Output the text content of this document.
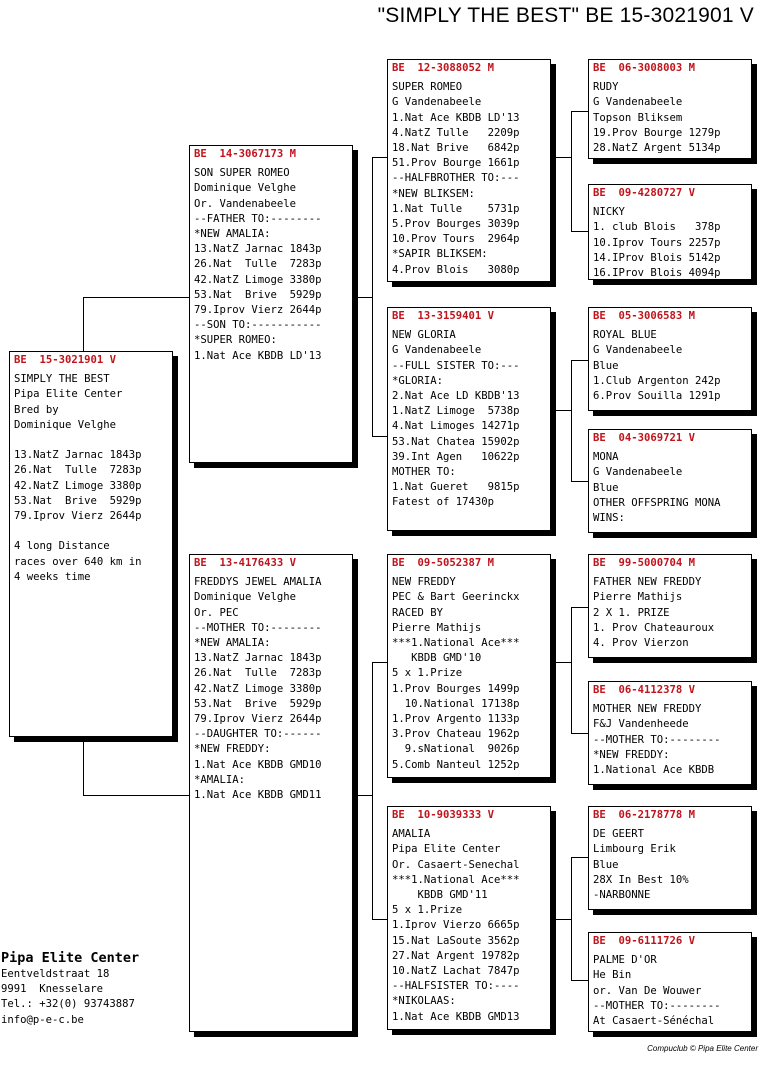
"SIMPLY THE BEST" BE 15-3021901 V
BE  15-3021901 V
SIMPLY THE BEST
Pipa Elite Center
Bred by
Dominique Velghe

13.NatZ Jarnac 1843p
26.Nat  Tulle  7283p
42.NatZ Limoge 3380p
53.Nat  Brive  5929p
79.Iprov Vierz 2644p

4 long Distance
races over 640 km in
4 weeks time
BE  14-3067173 M
SON SUPER ROMEO
Dominique Velghe
Or. Vandenabeele
--FATHER TO:--------
*NEW AMALIA:
13.NatZ Jarnac 1843p
26.Nat  Tulle  7283p
42.NatZ Limoge 3380p
53.Nat  Brive  5929p
79.Iprov Vierz 2644p
--SON TO:-----------
*SUPER ROMEO:
1.Nat Ace KBDB LD'13
BE  13-4176433 V
FREDDYS JEWEL AMALIA
Dominique Velghe
Or. PEC
--MOTHER TO:--------
*NEW AMALIA:
13.NatZ Jarnac 1843p
26.Nat  Tulle  7283p
42.NatZ Limoge 3380p
53.Nat  Brive  5929p
79.Iprov Vierz 2644p
--DAUGHTER TO:------
*NEW FREDDY:
1.Nat Ace KBDB GMD10
*AMALIA:
1.Nat Ace KBDB GMD11
BE  12-3088052 M
SUPER ROMEO
G Vandenabeele
1.Nat Ace KBDB LD'13
4.NatZ Tulle   2209p
18.Nat Brive   6842p
51.Prov Bourge 1661p
--HALFBROTHER TO:---
*NEW BLIKSEM:
1.Nat Tulle    5731p
5.Prov Bourges 3039p
10.Prov Tours  2964p
*SAPIR BLIKSEM:
4.Prov Blois   3080p
BE  13-3159401 V
NEW GLORIA
G Vandenabeele
--FULL SISTER TO:---
*GLORIA:
2.Nat Ace LD KBDB'13
1.NatZ Limoge  5738p
4.Nat Limoges 14271p
53.Nat Chatea 15902p
39.Int Agen   10622p
MOTHER TO:
1.Nat Gueret   9815p
Fatest of 17430p
BE  09-5052387 M
NEW FREDDY
PEC & Bart Geerinckx
RACED BY
Pierre Mathijs
***1.National Ace***
KBDB GMD'10
5 x 1.Prize
1.Prov Bourges 1499p
10.National 17138p
1.Prov Argento 1133p
3.Prov Chateau 1962p
9.sNational  9026p
5.Comb Nanteul 1252p
BE  10-9039333 V
AMALIA
Pipa Elite Center
Or. Casaert-Senechal
***1.National Ace***
KBDB GMD'11
5 x 1.Prize
1.Iprov Vierzo 6665p
15.Nat LaSoute 3562p
27.Nat Argent 19782p
10.NatZ Lachat 7847p
--HALFSISTER TO:----
*NIKOLAAS:
1.Nat Ace KBDB GMD13
BE  06-3008003 M
RUDY
G Vandenabeele
Topson Bliksem
19.Prov Bourge 1279p
28.NatZ Argent 5134p
BE  09-4280727 V
NICKY
1. club Blois   378p
10.Iprov Tours 2257p
14.IProv Blois 5142p
16.IProv Blois 4094p
BE  05-3006583 M
ROYAL BLUE
G Vandenabeele
Blue
1.Club Argenton 242p
6.Prov Souilla 1291p
BE  04-3069721 V
MONA
G Vandenabeele
Blue
OTHER OFFSPRING MONA
WINS:
BE  99-5000704 M
FATHER NEW FREDDY
Pierre Mathijs
2 X 1. PRIZE
1. Prov Chateauroux
4. Prov Vierzon
BE  06-4112378 V
MOTHER NEW FREDDY
F&J Vandenheede
--MOTHER TO:--------
*NEW FREDDY:
1.National Ace KBDB
BE  06-2178778 M
DE GEERT
Limbourg Erik
Blue
28X In Best 10%
-NARBONNE
BE  09-6111726 V
PALME D'OR
He Bin
or. Van De Wouwer
--MOTHER TO:--------
At Casaert-Sénéchal
Pipa Elite Center
Eentveldstraat 18
9991  Knesselare
Tel.: +32(0) 93743887
info@p-e-c.be
Compuclub © Pipa Elite Center
